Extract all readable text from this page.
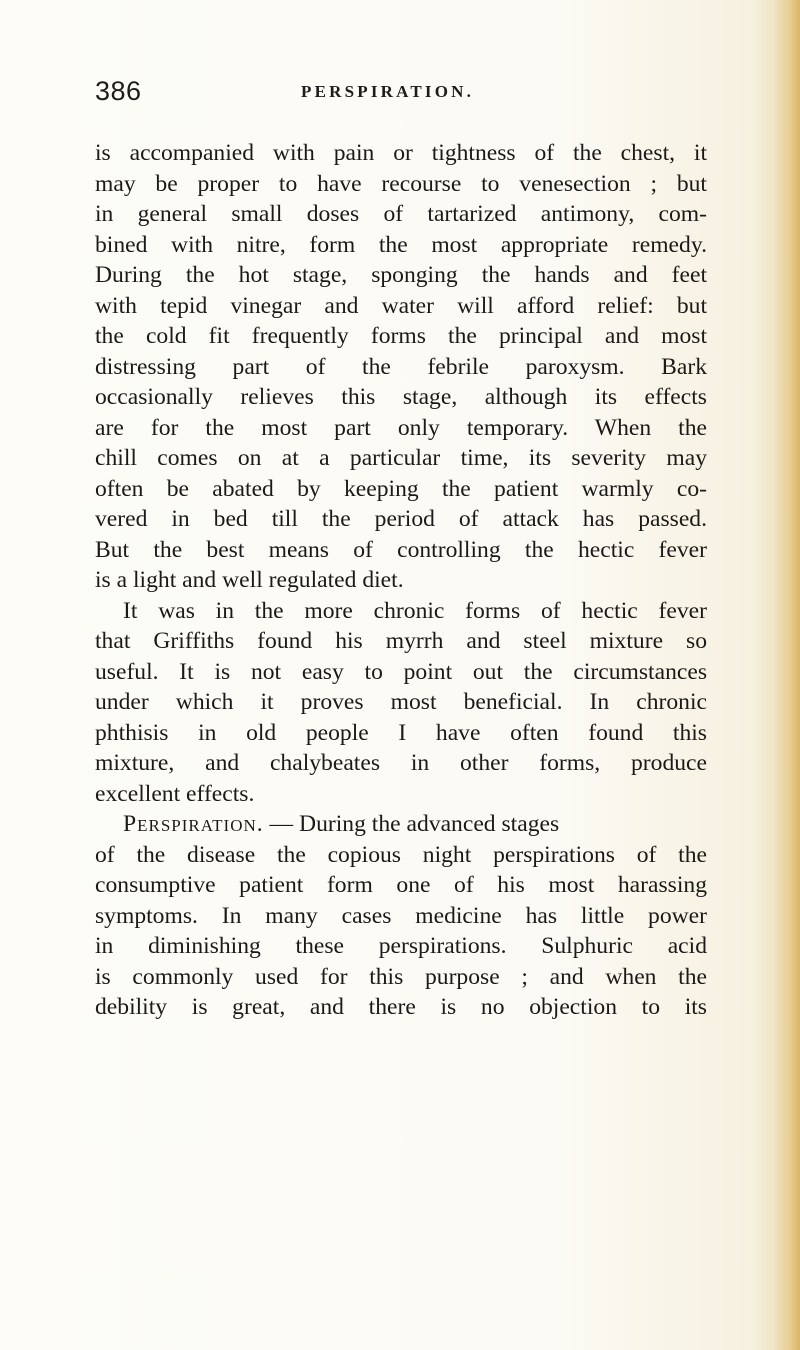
386	PERSPIRATION.
is accompanied with pain or tightness of the chest, it
may be proper to have recourse to venesection ; but
in general small doses of tartarized antimony, com-
bined with nitre, form the most appropriate remedy.
During the hot stage, sponging the hands and feet
with tepid vinegar and water will afford relief: but
the cold fit frequently forms the principal and most
distressing part of the febrile paroxysm. Bark
occasionally relieves this stage, although its effects
are for the most part only temporary. When the
chill comes on at a particular time, its severity may
often be abated by keeping the patient warmly co-
vered in bed till the period of attack has passed.
But the best means of controlling the hectic fever
is a light and well regulated diet.
It was in the more chronic forms of hectic fever
that Griffiths found his myrrh and steel mixture so
useful. It is not easy to point out the circumstances
under which it proves most beneficial. In chronic
phthisis in old people I have often found this
mixture, and chalybeates in other forms, produce
excellent effects.
Perspiration. — During the advanced stages
of the disease the copious night perspirations of the
consumptive patient form one of his most harassing
symptoms. In many cases medicine has little power
in diminishing these perspirations. Sulphuric acid
is commonly used for this purpose ; and when the
debility is great, and there is no objection to its
